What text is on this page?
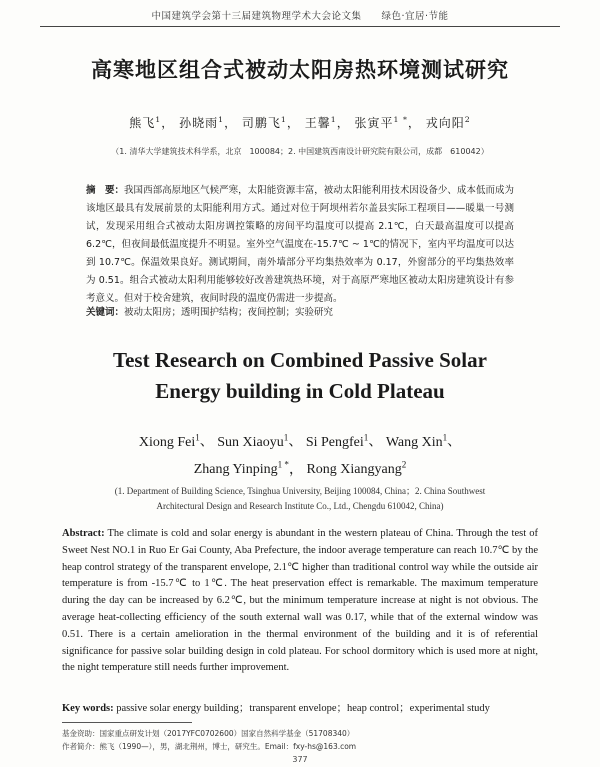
中国建筑学会第十三届建筑物理学术大会论文集　　绿色·宜居·节能
高寒地区组合式被动太阳房热环境测试研究
熊飞$^1$， 孙晓雨$^1$， 司鹏飞$^1$， 王馨$^1$， 张寅平$^{1 *}$， 戎向阳$^2$
（1. 清华大学建筑技术科学系，北京　100084；2. 中国建筑西南设计研究院有限公司，成都　610042）
摘　要：我国西部高原地区气候严寒，太阳能资源丰富，被动太阳能利用技术因设备少、成本低而成为该地区最具有发展前景的太阳能利用方式。通过对位于阿坝州若尔盖县实际工程项目——暖巢一号测试，发现采用组合式被动太阳房调控策略的房间平均温度可以提高 2.1℃，白天最高温度可以提高 6.2℃，但夜间最低温度提升不明显。室外空气温度在-15.7℃ ~ 1℃的情况下，室内平均温度可以达到 10.7℃。保温效果良好。测试期间，南外墙部分平均集热效率为 0.17，外窗部分的平均集热效率为 0.51。组合式被动太阳利用能够较好改善建筑热环境，对于高原严寒地区被动太阳房建筑设计有参考意义。但对于校舍建筑，夜间时段的温度仍需进一步提高。
关键词：被动太阳房；透明围护结构；夜间控制；实验研究
Test Research on Combined Passive Solar
Energy building in Cold Plateau
Xiong Fei$^1$、 Sun Xiaoyu$^1$、 Si Pengfei$^1$、 Wang Xin$^1$、
Zhang Yinping$^{1 *}$， Rong Xiangyang$^2$
(1. Department of Building Science, Tsinghua University, Beijing 100084, China；2. China Southwest
Architectural Design and Research Institute Co., Ltd., Chengdu 610042, China)
Abstract: The climate is cold and solar energy is abundant in the western plateau of China. Through the test of Sweet Nest NO.1 in Ruo Er Gai County, Aba Prefecture, the indoor average temperature can reach 10.7℃ by the heap control strategy of the transparent envelope, 2.1℃ higher than traditional control way while the outside air temperature is from -15.7℃ to 1℃. The heat preservation effect is remarkable. The maximum temperature during the day can be increased by 6.2℃, but the minimum temperature increase at night is not obvious. The average heat-collecting efficiency of the south external wall was 0.17, while that of the external window was 0.51. There is a certain amelioration in the thermal environment of the building and it is of referential significance for passive solar building design in cold plateau. For school dormitory which is used more at night, the night temperature still needs further improvement.
Key words: passive solar energy building；transparent envelope；heap control；experimental study
基金资助：国家重点研发计划（2017YFC0702600）国家自然科学基金（51708340）
作者简介：熊飞（1990—），男，湖北荆州，博士，研究生。Email：fxy-hs@163.com
377
